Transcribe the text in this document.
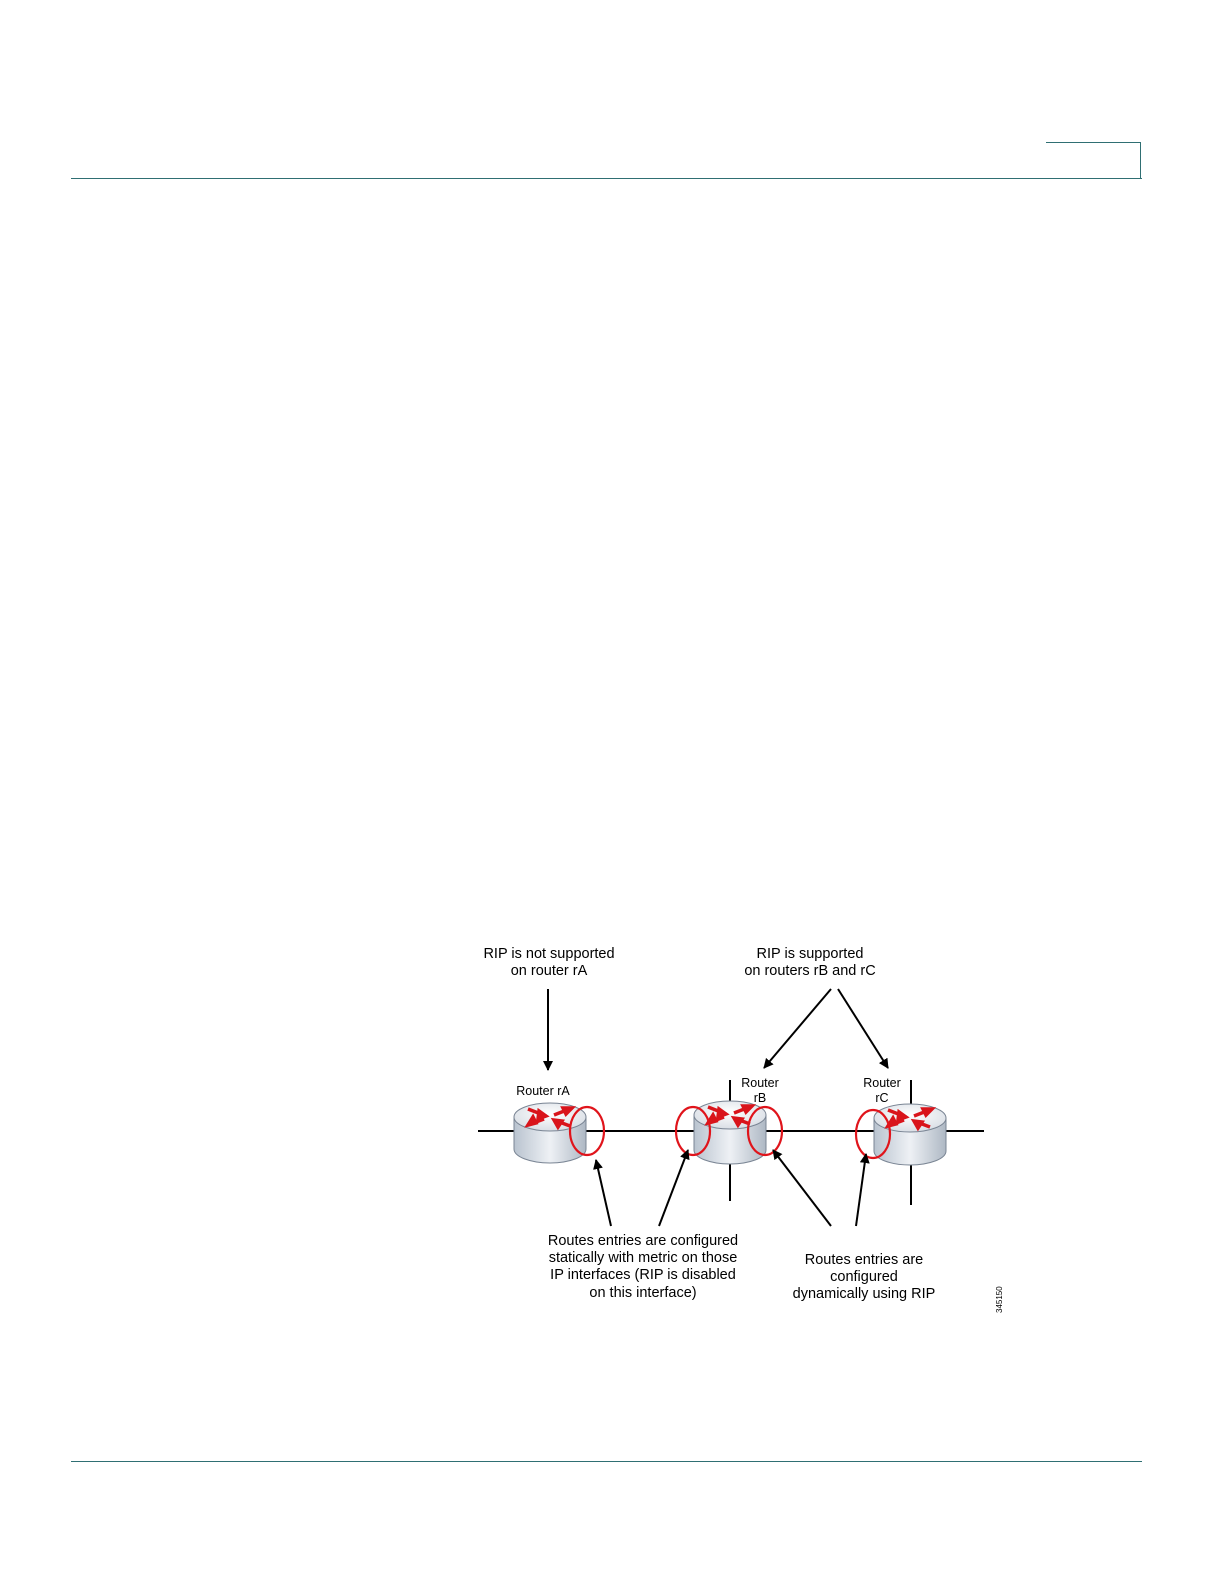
RIP is not supported
on router rA
RIP is supported
on routers rB and rC
Router rA
Router
rB
Router
rC
Routes entries are configured
statically with metric on those
IP interfaces (RIP is disabled
on this interface)
Routes entries are
configured
dynamically using RIP	345150
